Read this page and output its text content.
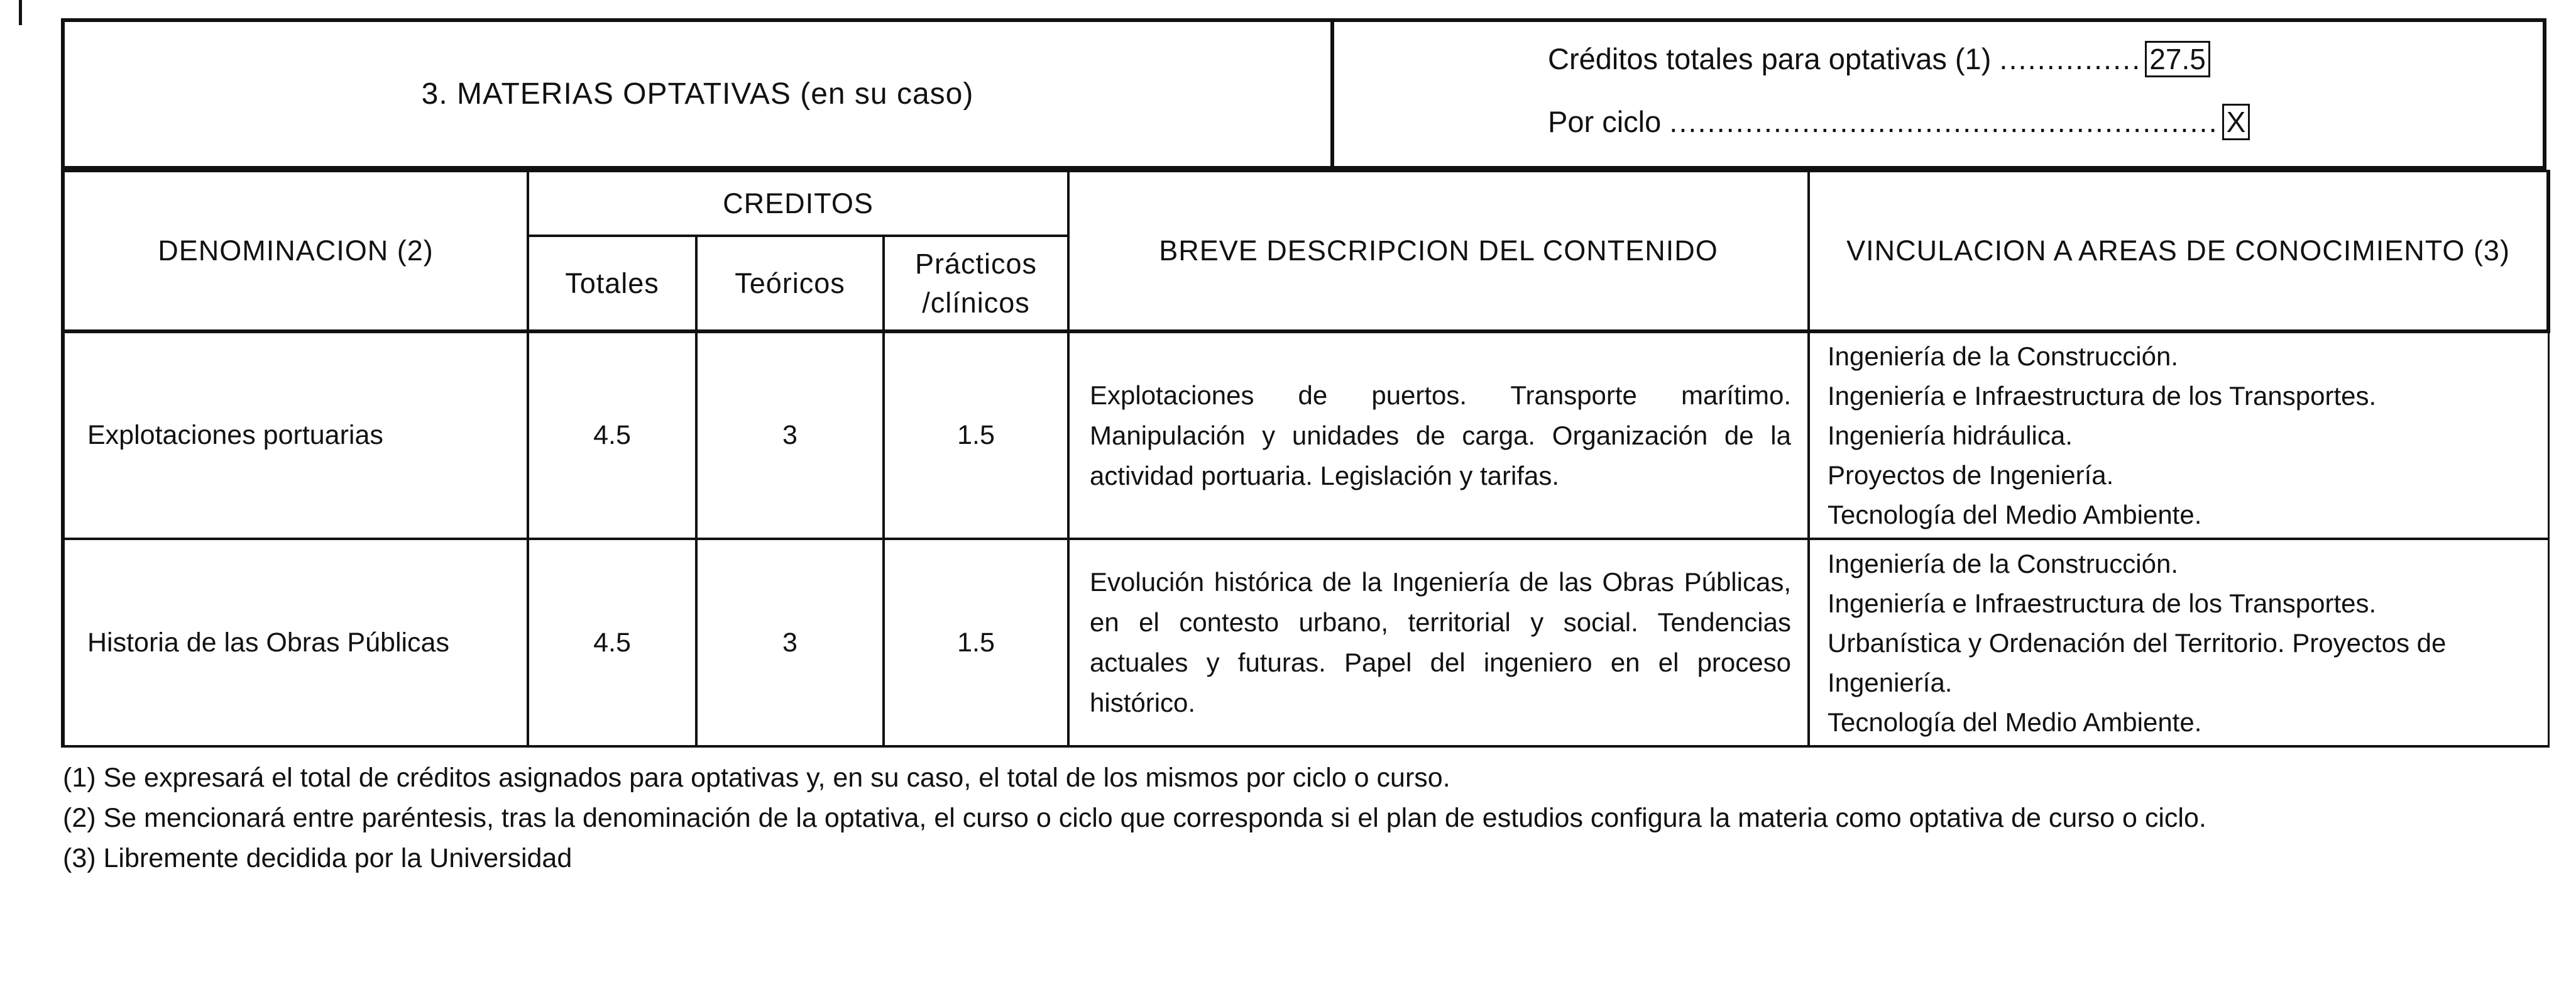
3. MATERIAS OPTATIVAS (en su caso)
Créditos totales para optativas (1) ............... 27.5
Por ciclo .......................................................... X
DENOMINACION (2)	CREDITOS			BREVE DESCRIPCION DEL CONTENIDO	VINCULACION A AREAS DE CONOCIMIENTO (3)
	Totales	Teóricos	Prácticos
/clínicos		

Explotaciones portuarias	4.5	3	1.5	Explotaciones de puertos. Transporte marítimo. Manipulación y unidades de carga. Organización de la actividad portuaria. Legislación y tarifas.	Ingeniería de la Construcción.
Ingeniería e Infraestructura de los Transportes.
Ingeniería hidráulica.
Proyectos de Ingeniería.
Tecnología del Medio Ambiente.

Historia de las Obras Públicas	4.5	3	1.5	Evolución histórica de la Ingeniería de las Obras Públicas, en el contesto urbano, territorial y social. Tendencias actuales y futuras. Papel del ingeniero en el proceso histórico.	Ingeniería de la Construcción.
Ingeniería e Infraestructura de los Transportes.
Urbanística y Ordenación del Territorio. Proyectos de
Ingeniería.
Tecnología del Medio Ambiente.
(1) Se expresará el total de créditos asignados para optativas y, en su caso, el total de los mismos por ciclo o curso.
(2) Se mencionará entre paréntesis, tras la denominación de la optativa, el curso o ciclo que corresponda si el plan de estudios configura la materia como optativa de curso o ciclo.
(3) Libremente decidida por la Universidad
